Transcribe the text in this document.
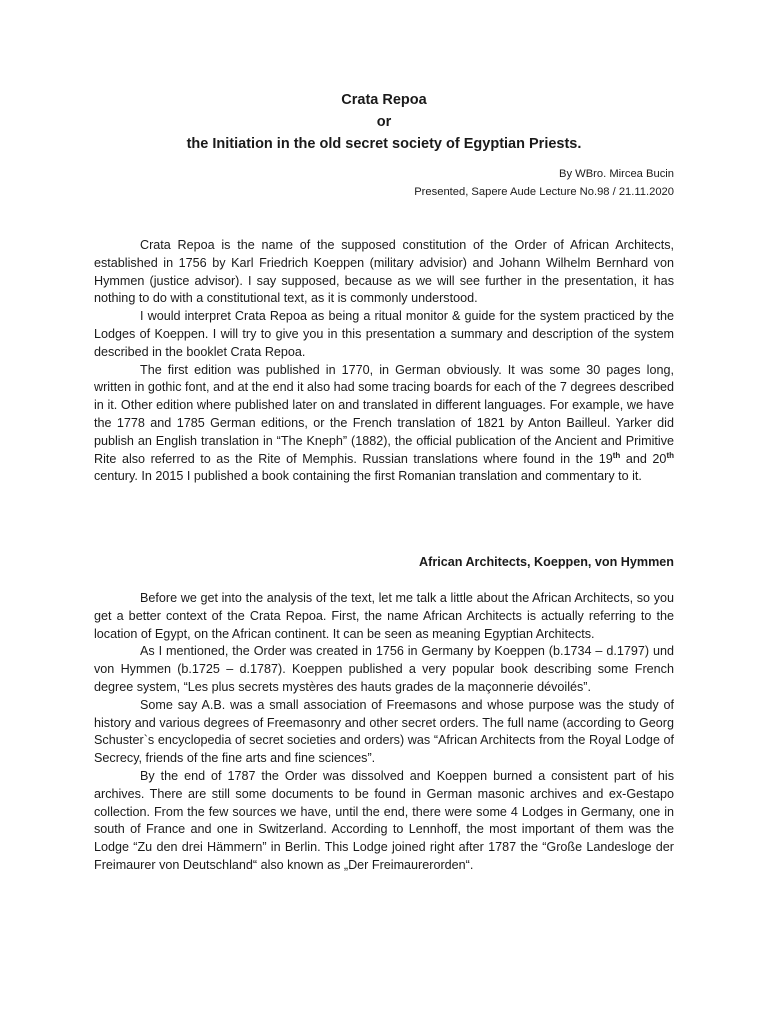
Crata Repoa

or

the Initiation in the old secret society of Egyptian Priests.

By WBro. Mircea Bucin
Presented, Sapere Aude Lecture No.98 / 21.11.2020

Crata Repoa is the name of the supposed constitution of the Order of African Architects, established in 1756 by Karl Friedrich Koeppen (military advisior) and Johann Wilhelm Bernhard von Hymmen (justice advisor). I say supposed, because as we will see further in the presentation, it has nothing to do with a constitutional text, as it is commonly understood.

I would interpret Crata Repoa as being a ritual monitor & guide for the system practiced by the Lodges of Koeppen. I will try to give you in this presentation a summary and description of the system described in the booklet Crata Repoa.

The first edition was published in 1770, in German obviously. It was some 30 pages long, written in gothic font, and at the end it also had some tracing boards for each of the 7 degrees described in it. Other edition where published later on and translated in different languages. For example, we have the 1778 and 1785 German editions, or the French translation of 1821 by Anton Bailleul. Yarker did publish an English translation in “The Kneph” (1882), the official publication of the Ancient and Primitive Rite also referred to as the Rite of Memphis. Russian translations where found in the 19th and 20th century. In 2015 I published a book containing the first Romanian translation and commentary to it.

African Architects, Koeppen, von Hymmen

Before we get into the analysis of the text, let me talk a little about the African Architects, so you get a better context of the Crata Repoa. First, the name African Architects is actually referring to the location of Egypt, on the African continent. It can be seen as meaning Egyptian Architects.

As I mentioned, the Order was created in 1756 in Germany by Koeppen (b.1734 – d.1797) und von Hymmen (b.1725 – d.1787). Koeppen published a very popular book describing some French degree system, “Les plus secrets mystères des hauts grades de la maçonnerie dévoilés”.

Some say A.B. was a small association of Freemasons and whose purpose was the study of history and various degrees of Freemasonry and other secret orders. The full name (according to Georg Schuster`s encyclopedia of secret societies and orders) was “African Architects from the Royal Lodge of Secrecy, friends of the fine arts and fine sciences”.

By the end of 1787 the Order was dissolved and Koeppen burned a consistent part of his archives. There are still some documents to be found in German masonic archives and ex-Gestapo collection. From the few sources we have, until the end, there were some 4 Lodges in Germany, one in south of France and one in Switzerland. According to Lennhoff, the most important of them was the Lodge “Zu den drei Hämmern” in Berlin. This Lodge joined right after 1787 the “Große Landesloge der Freimaurer von Deutschland“ also known as „Der Freimaurerorden“.
